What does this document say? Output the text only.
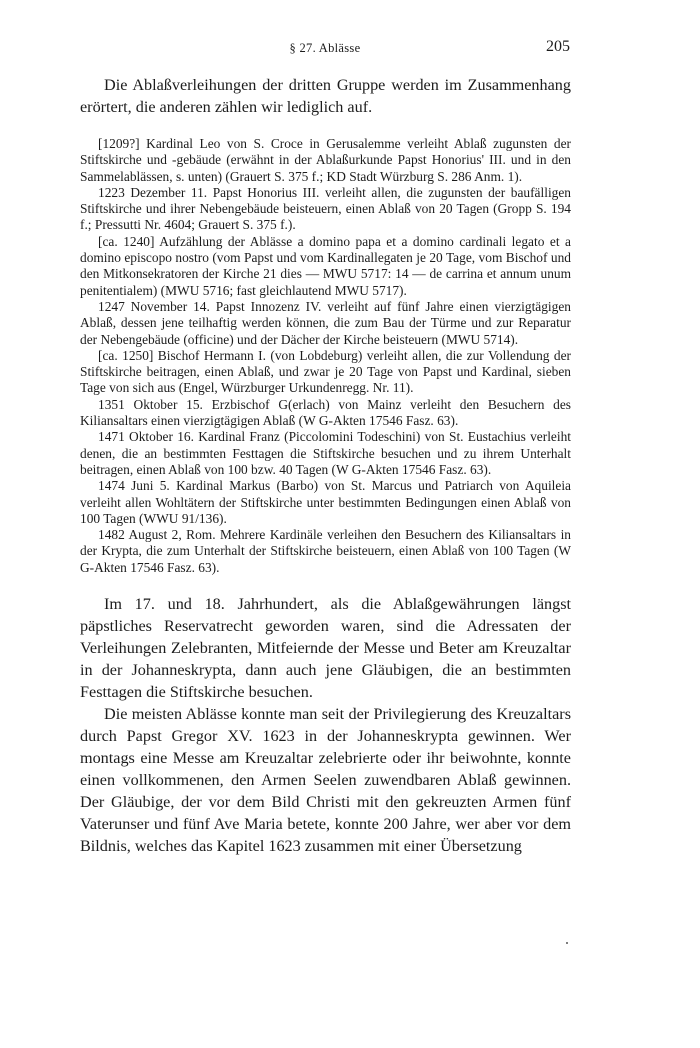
§ 27. Ablässe	205

Die Ablaßverleihungen der dritten Gruppe werden im Zusammenhang erörtert, die anderen zählen wir lediglich auf.

[1209?] Kardinal Leo von S. Croce in Gerusalemme verleiht Ablaß zugunsten der Stiftskirche und -gebäude (erwähnt in der Ablaßurkunde Papst Honorius' III. und in den Sammelablässen, s. unten) (Grauert S. 375 f.; KD Stadt Würzburg S. 286 Anm. 1).

1223 Dezember 11. Papst Honorius III. verleiht allen, die zugunsten der baufälligen Stiftskirche und ihrer Nebengebäude beisteuern, einen Ablaß von 20 Tagen (Gropp S. 194 f.; Pressutti Nr. 4604; Grauert S. 375 f.).

[ca. 1240] Aufzählung der Ablässe a domino papa et a domino cardinali legato et a domino episcopo nostro (vom Papst und vom Kardinallegaten je 20 Tage, vom Bischof und den Mitkonsekratoren der Kirche 21 dies — MWU 5717: 14 — de carrina et annum unum penitentialem) (MWU 5716; fast gleichlautend MWU 5717).

1247 November 14. Papst Innozenz IV. verleiht auf fünf Jahre einen vierzigtägigen Ablaß, dessen jene teilhaftig werden können, die zum Bau der Türme und zur Reparatur der Nebengebäude (officine) und der Dächer der Kirche beisteuern (MWU 5714).

[ca. 1250] Bischof Hermann I. (von Lobdeburg) verleiht allen, die zur Vollendung der Stiftskirche beitragen, einen Ablaß, und zwar je 20 Tage von Papst und Kardinal, sieben Tage von sich aus (Engel, Würzburger Urkundenregg. Nr. 11).

1351 Oktober 15. Erzbischof G(erlach) von Mainz verleiht den Besuchern des Kiliansaltars einen vierzigtägigen Ablaß (W G-Akten 17546 Fasz. 63).

1471 Oktober 16. Kardinal Franz (Piccolomini Todeschini) von St. Eustachius verleiht denen, die an bestimmten Festtagen die Stiftskirche besuchen und zu ihrem Unterhalt beitragen, einen Ablaß von 100 bzw. 40 Tagen (W G-Akten 17546 Fasz. 63).

1474 Juni 5. Kardinal Markus (Barbo) von St. Marcus und Patriarch von Aquileia verleiht allen Wohltätern der Stiftskirche unter bestimmten Bedingungen einen Ablaß von 100 Tagen (WWU 91/136).

1482 August 2, Rom. Mehrere Kardinäle verleihen den Besuchern des Kiliansaltars in der Krypta, die zum Unterhalt der Stiftskirche beisteuern, einen Ablaß von 100 Tagen (W G-Akten 17546 Fasz. 63).

Im 17. und 18. Jahrhundert, als die Ablaßgewährungen längst päpstliches Reservatrecht geworden waren, sind die Adressaten der Verleihungen Zelebranten, Mitfeiernde der Messe und Beter am Kreuzaltar in der Johanneskrypta, dann auch jene Gläubigen, die an bestimmten Festtagen die Stiftskirche besuchen.

Die meisten Ablässe konnte man seit der Privilegierung des Kreuzaltars durch Papst Gregor XV. 1623 in der Johanneskrypta gewinnen. Wer montags eine Messe am Kreuzaltar zelebrierte oder ihr beiwohnte, konnte einen vollkommenen, den Armen Seelen zuwendbaren Ablaß gewinnen. Der Gläubige, der vor dem Bild Christi mit den gekreuzten Armen fünf Vaterunser und fünf Ave Maria betete, konnte 200 Jahre, wer aber vor dem Bildnis, welches das Kapitel 1623 zusammen mit einer Übersetzung
